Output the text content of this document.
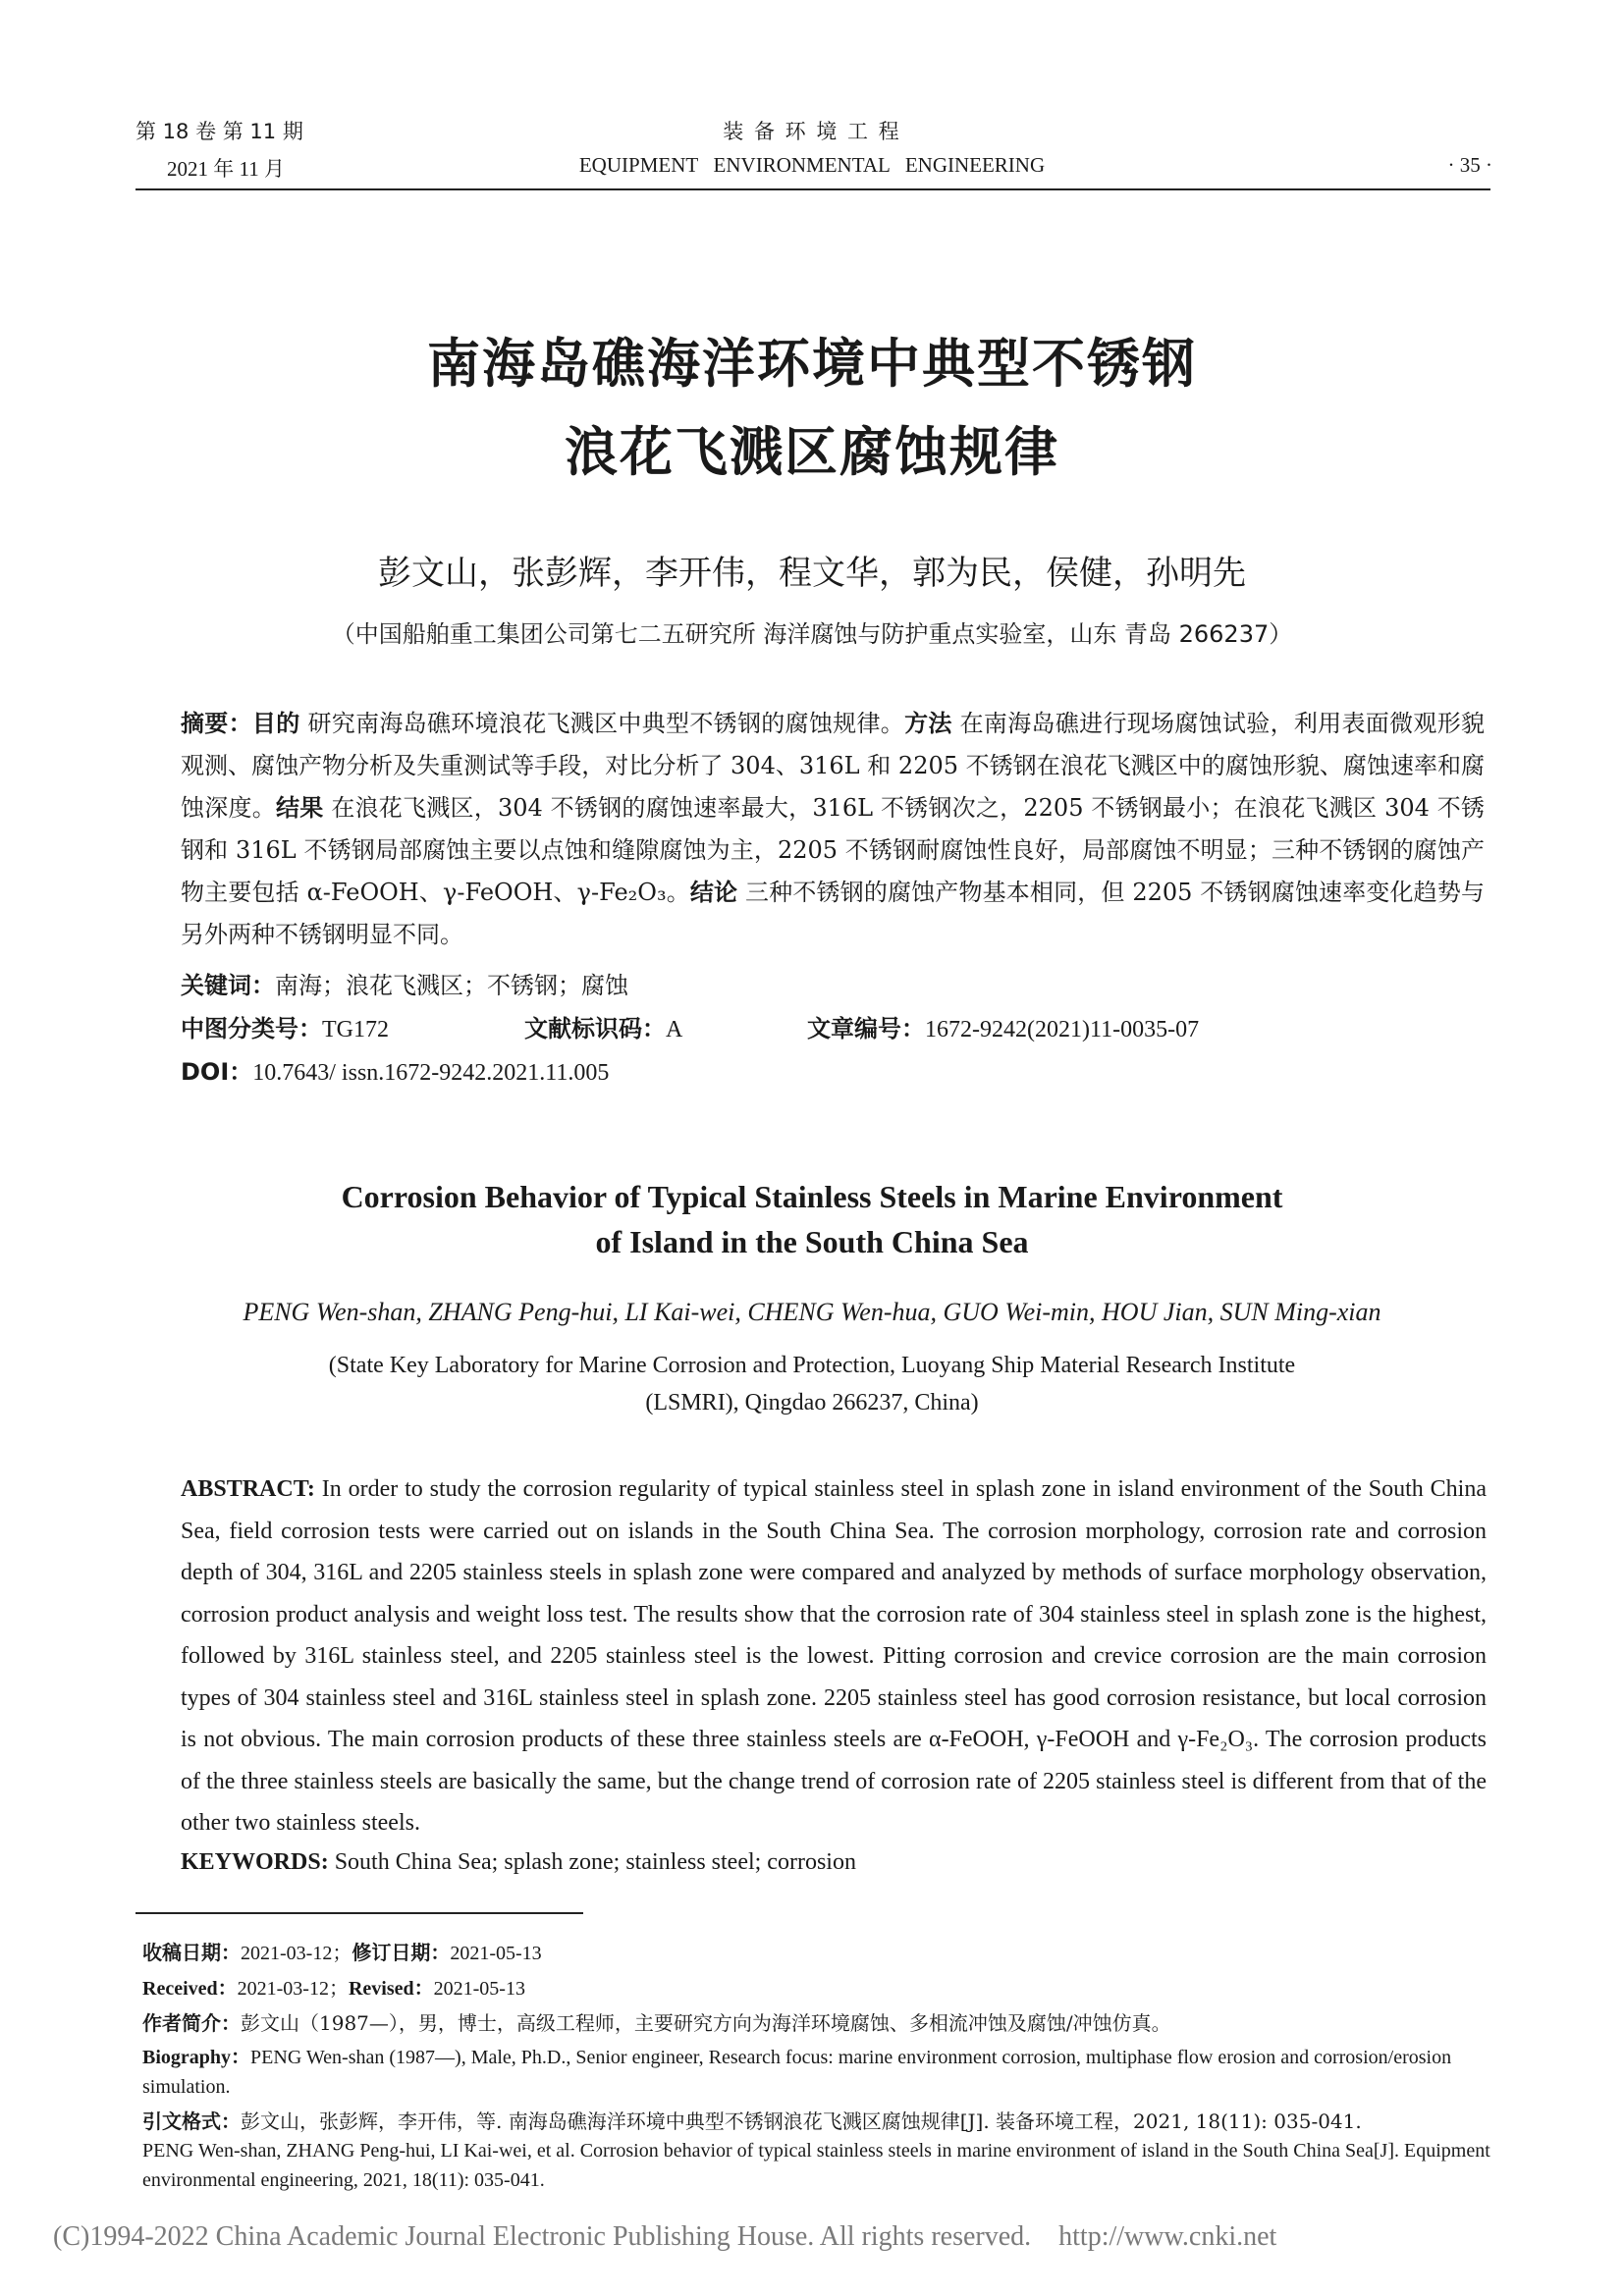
第 18 卷 第 11 期
2021 年 11 月
装 备 环 境 工 程
EQUIPMENT   ENVIRONMENTAL   ENGINEERING	· 35 ·
南海岛礁海洋环境中典型不锈钢
浪花飞溅区腐蚀规律
彭文山，张彭辉，李开伟，程文华，郭为民，侯健，孙明先
（中国船舶重工集团公司第七二五研究所 海洋腐蚀与防护重点实验室，山东 青岛 266237）
摘要：目的 研究南海岛礁环境浪花飞溅区中典型不锈钢的腐蚀规律。方法 在南海岛礁进行现场腐蚀试验，利用表面微观形貌观测、腐蚀产物分析及失重测试等手段，对比分析了 304、316L 和 2205 不锈钢在浪花飞溅区中的腐蚀形貌、腐蚀速率和腐蚀深度。结果 在浪花飞溅区，304 不锈钢的腐蚀速率最大，316L 不锈钢次之，2205 不锈钢最小；在浪花飞溅区 304 不锈钢和 316L 不锈钢局部腐蚀主要以点蚀和缝隙腐蚀为主，2205 不锈钢耐腐蚀性良好，局部腐蚀不明显；三种不锈钢的腐蚀产物主要包括 α-FeOOH、γ-FeOOH、γ-Fe₂O₃。结论 三种不锈钢的腐蚀产物基本相同，但 2205 不锈钢腐蚀速率变化趋势与另外两种不锈钢明显不同。
关键词：南海；浪花飞溅区；不锈钢；腐蚀
中图分类号：TG172	文献标识码：A	文章编号：1672-9242(2021)11-0035-07
DOI：10.7643/ issn.1672-9242.2021.11.005
Corrosion Behavior of Typical Stainless Steels in Marine Environment
of Island in the South China Sea
PENG Wen-shan, ZHANG Peng-hui, LI Kai-wei, CHENG Wen-hua, GUO Wei-min, HOU Jian, SUN Ming-xian
(State Key Laboratory for Marine Corrosion and Protection, Luoyang Ship Material Research Institute
(LSMRI), Qingdao 266237, China)
ABSTRACT: In order to study the corrosion regularity of typical stainless steel in splash zone in island environment of the South China Sea, field corrosion tests were carried out on islands in the South China Sea. The corrosion morphology, corrosion rate and corrosion depth of 304, 316L and 2205 stainless steels in splash zone were compared and analyzed by methods of surface morphology observation, corrosion product analysis and weight loss test. The results show that the corrosion rate of 304 stainless steel in splash zone is the highest, followed by 316L stainless steel, and 2205 stainless steel is the lowest. Pitting corrosion and crevice corrosion are the main corrosion types of 304 stainless steel and 316L stainless steel in splash zone. 2205 stainless steel has good corrosion resistance, but local corrosion is not obvious. The main corrosion products of these three stainless steels are α-FeOOH, γ-FeOOH and γ-Fe₂O₃. The corrosion products of the three stainless steels are basically the same, but the change trend of corrosion rate of 2205 stainless steel is different from that of the other two stainless steels.
KEYWORDS: South China Sea; splash zone; stainless steel; corrosion
收稿日期：2021-03-12；修订日期：2021-05-13
Received：2021-03-12；Revised：2021-05-13
作者简介：彭文山（1987—），男，博士，高级工程师，主要研究方向为海洋环境腐蚀、多相流冲蚀及腐蚀/冲蚀仿真。
Biography：PENG Wen-shan (1987—), Male, Ph.D., Senior engineer, Research focus: marine environment corrosion, multiphase flow erosion and corrosion/erosion simulation.
引文格式：彭文山，张彭辉，李开伟，等. 南海岛礁海洋环境中典型不锈钢浪花飞溅区腐蚀规律[J]. 装备环境工程，2021, 18(11): 035-041.
PENG Wen-shan, ZHANG Peng-hui, LI Kai-wei, et al. Corrosion behavior of typical stainless steels in marine environment of island in the South China Sea[J]. Equipment environmental engineering, 2021, 18(11): 035-041.
(C)1994-2022 China Academic Journal Electronic Publishing House. All rights reserved.    http://www.cnki.net
